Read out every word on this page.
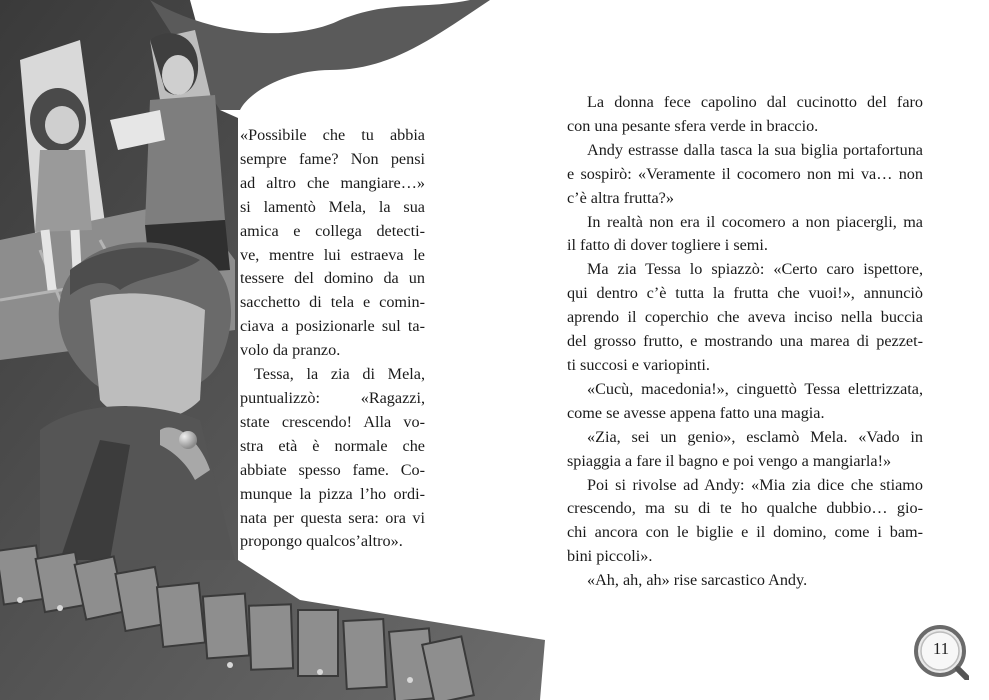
«Possibile che tu abbia
sempre fame? Non pensi
ad altro che mangiare…»
si lamentò Mela, la sua
amica e collega detecti-
ve, mentre lui estraeva le
tessere del domino da un
sacchetto di tela e comin-
ciava a posizionarle sul ta-
volo da pranzo.

Tessa, la zia di Mela,
puntualizzò: «Ragazzi,
state crescendo! Alla vo-
stra età è normale che
abbiate spesso fame. Co-
munque la pizza l’ho ordi-
nata per questa sera: ora vi
propongo qualcos’altro».

La donna fece capolino dal cucinotto del faro
con una pesante sfera verde in braccio.

Andy estrasse dalla tasca la sua biglia portafortuna
e sospirò: «Veramente il cocomero non mi va… non
c’è altra frutta?»

In realtà non era il cocomero a non piacergli, ma
il fatto di dover togliere i semi.

Ma zia Tessa lo spiazzò: «Certo caro ispettore,
qui dentro c’è tutta la frutta che vuoi!», annunciò
aprendo il coperchio che aveva inciso nella buccia
del grosso frutto, e mostrando una marea di pezzet-
ti succosi e variopinti.

«Cucù, macedonia!», cinguettò Tessa elettrizzata,
come se avesse appena fatto una magia.

«Zia, sei un genio», esclamò Mela. «Vado in
spiaggia a fare il bagno e poi vengo a mangiarla!»

Poi si rivolse ad Andy: «Mia zia dice che stiamo
crescendo, ma su di te ho qualche dubbio… gio-
chi ancora con le biglie e il domino, come i bam-
bini piccoli».

«Ah, ah, ah» rise sarcastico Andy.

11
